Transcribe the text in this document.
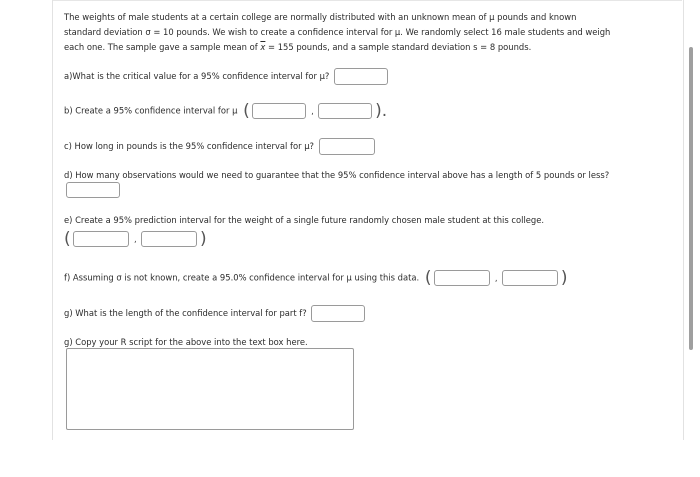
The weights of male students at a certain college are normally distributed with an unknown mean of μ pounds and known
standard deviation σ = 10 pounds. We wish to create a confidence interval for μ. We randomly select 16 male students and weigh
each one. The sample gave a sample mean of $\overline{x} = 155$ pounds, and a sample standard deviation s = 8 pounds.
a)What is the critical value for a 95% confidence interval for μ?
b) Create a 95% confidence interval for μ (	,	).
c) How long in pounds is the 95% confidence interval for μ?
d) How many observations would we need to guarantee that the 95% confidence interval above has a length of 5 pounds or less?
e) Create a 95% prediction interval for the weight of a single future randomly chosen male student at this college.
(	,	)
f) Assuming σ is not known, create a 95.0% confidence interval for μ using this data. (	,	)
g) What is the length of the confidence interval for part f?
g) Copy your R script for the above into the text box here.
